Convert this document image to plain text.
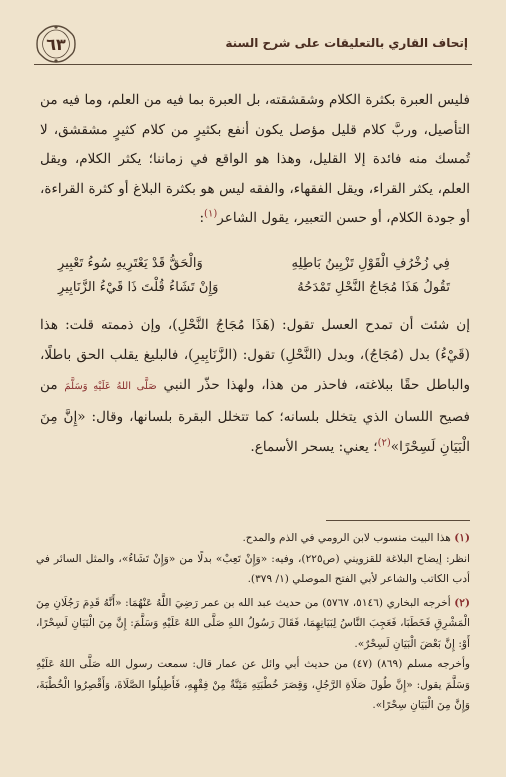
إتحاف القاري بالتعليقات على شرح السنة
٦٣

فليس العبرة بكثرة الكلام وشقشقته، بل العبرة بما فيه من العلم، وما فيه من التأصيل، وربَّ كلام قليل مؤصل يكون أنفع بكثيرٍ من كلام كثيرٍ مشقشق، لا تُمسك منه فائدة إلا القليل، وهذا هو الواقع في زماننا؛ يكثر الكلام، ويقل العلم، يكثر القراء، ويقل الفقهاء، والفقه ليس هو بكثرة البلاغ أو كثرة القراءة، أو جودة الكلام، أو حسن التعبير، يقول الشاعر$^{(١)}$:

فِي زُخْرُفِ الْقَوْلِ تَزْيِينُ بَاطِلِهِ
وَالْحَقُّ قَدْ يَعْتَرِيهِ سُوءُ تَعْبِيرِ
تَقُولُ هَذَا مُجَاجُ النَّحْلِ تَمْدَحُهُ
وَإِنْ تَشَاءُ قُلْتَ ذَا قَيْءُ الزَّنَابِيرِ

إن شئت أن تمدح العسل تقول: (هَذَا مُجَاجُ النَّحْلِ)، وإن ذممته قلت: هذا (قَيْءُ) بدل (مُجَاجُ)، وبدل (النَّحْلِ) تقول: (الزَّنَابِيرِ)، فالبليغ يقلب الحق باطلًا، والباطل حقًا ببلاغته، فاحذر من هذا، ولهذا حذّر النبي صَلَّى اللهُ عَلَيْهِ وَسَلَّمَ من فصيح اللسان الذي يتخلل بلسانه؛ كما تتخلل البقرة بلسانها، وقال: «إِنَّ مِنَ الْبَيَانِ لَسِحْرًا»$^{(٢)}$؛ يعني: يسحر الأسماع.

(١) هذا البيت منسوب لابن الرومي في الذم والمدح.
انظر: إيضاح البلاغة للقزويني (ص٢٢٥)، وفيه: «وَإِنْ تَعِبْ» بدلًا من «وَإِنْ تَشَاءُ»، والمثل السائر في أدب الكاتب والشاعر لأبي الفتح الموصلي (١/ ٣٧٩).
(٢) أخرجه البخاري (٥١٤٦، ٥٧٦٧) من حديث عبد الله بن عمر رَضِيَ اللَّهُ عَنْهُمَا: «أَنَّهُ قَدِمَ رَجُلَانِ مِنَ الْمَشْرِقِ فَخَطَبَا، فَعَجِبَ النَّاسُ لِبَيَانِهِمَا، فَقَالَ رَسُولُ اللهِ صَلَّى اللهُ عَلَيْهِ وَسَلَّمَ: إِنَّ مِنَ الْبَيَانِ لَسِحْرًا، أَوْ: إِنَّ بَعْضَ الْبَيَانِ لَسِحْرٌ».
وأخرجه مسلم (٨٦٩) (٤٧) من حديث أبي وائل عن عمار قال: سمعت رسول الله صَلَّى اللهُ عَلَيْهِ وَسَلَّمَ يقول: «إِنَّ طُولَ صَلَاةِ الرَّجُلِ، وَقِصَرَ خُطْبَتِهِ مَئِنَّةٌ مِنْ فِقْهِهِ، فَأَطِيلُوا الصَّلَاةَ، وَأَقْصِرُوا الْخُطْبَةَ، وَإِنَّ مِنَ الْبَيَانِ سِحْرًا».
